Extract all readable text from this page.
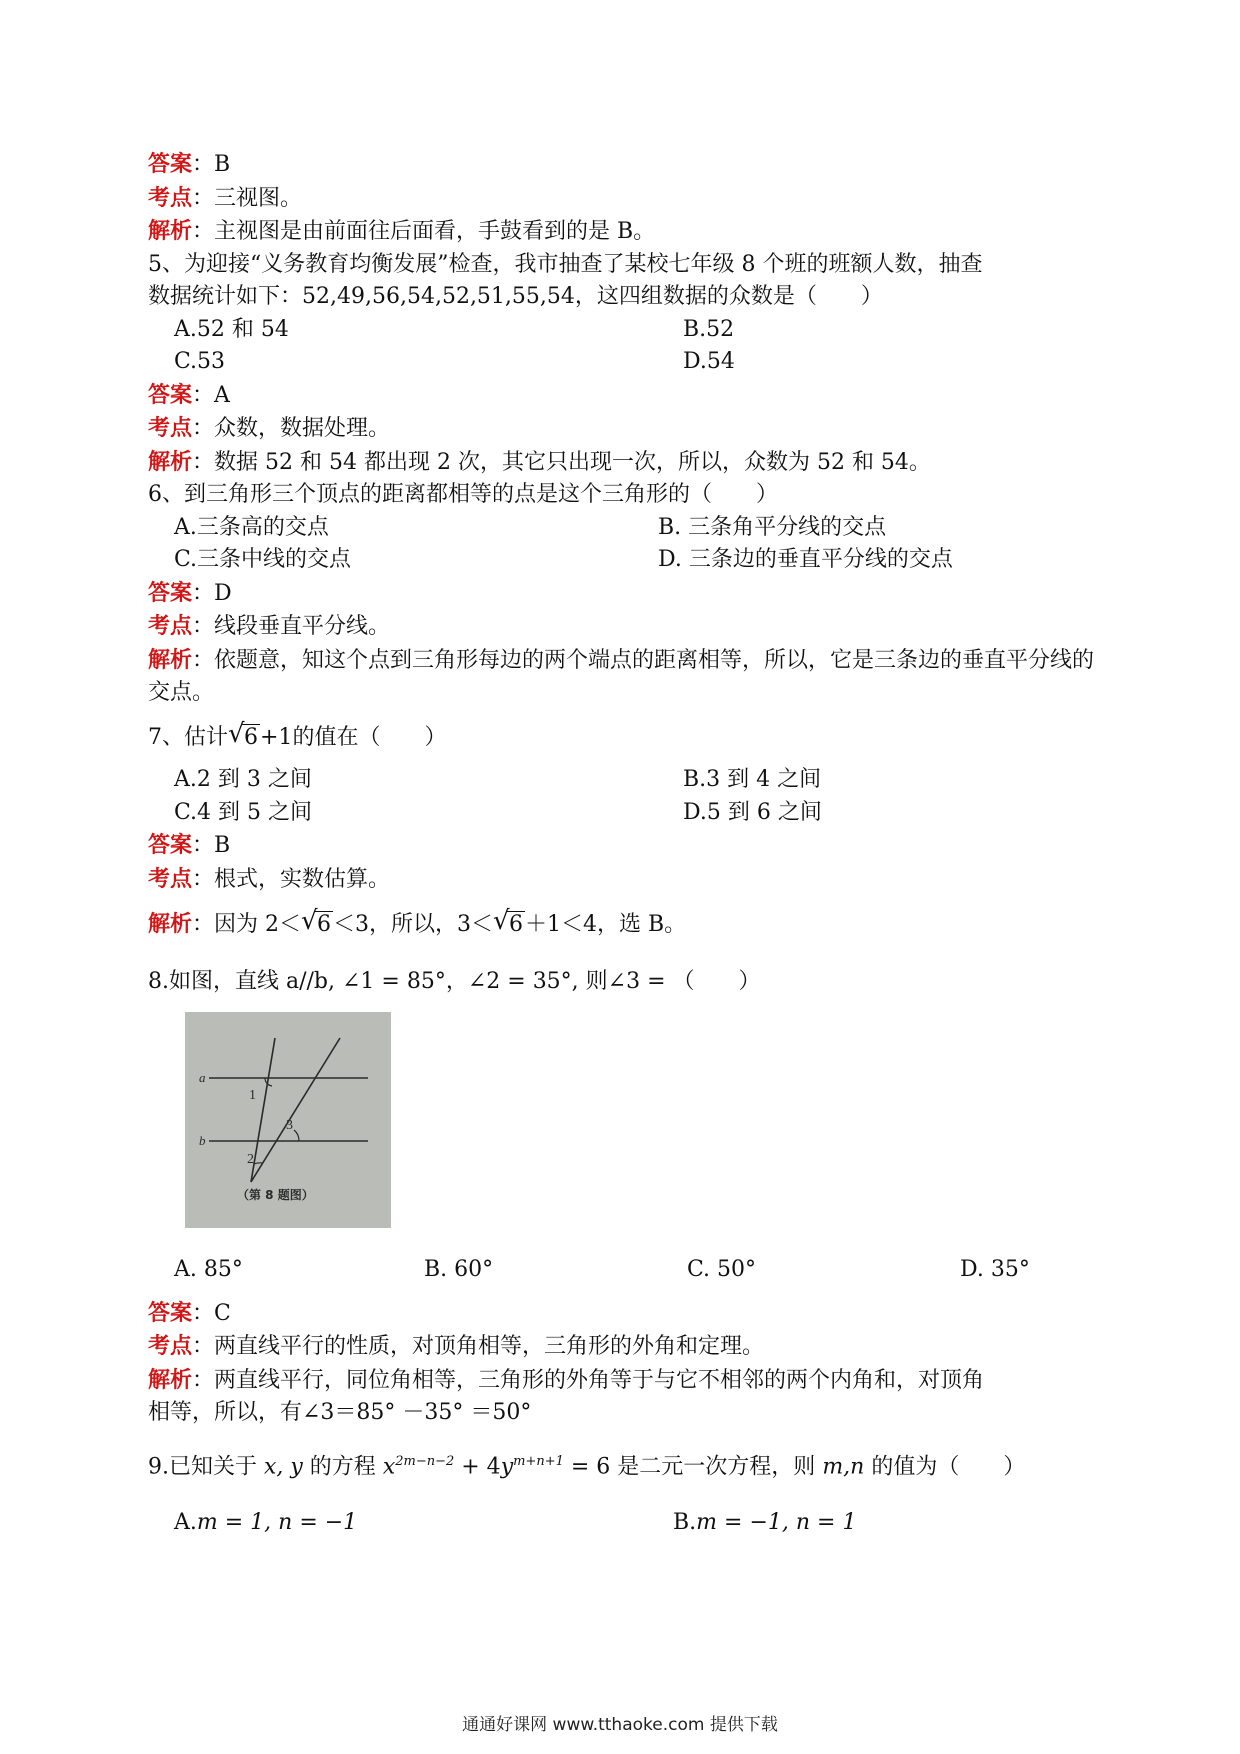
答案：B
考点：三视图。
解析：主视图是由前面往后面看，手鼓看到的是 B。
5、为迎接“义务教育均衡发展”检查，我市抽查了某校七年级 8 个班的班额人数，抽查
数据统计如下：52,49,56,54,52,51,55,54，这四组数据的众数是（　　）
A.52 和 54	B.52
C.53	D.54
答案：A
考点：众数，数据处理。
解析：数据 52 和 54 都出现 2 次，其它只出现一次，所以，众数为 52 和 54。
6、到三角形三个顶点的距离都相等的点是这个三角形的（　　）
A.三条高的交点	B. 三条角平分线的交点
C.三条中线的交点	D. 三条边的垂直平分线的交点
答案：D
考点：线段垂直平分线。
解析：依题意，知这个点到三角形每边的两个端点的距离相等，所以，它是三条边的垂直平分线的交点。
7、估计 √ 6+1的值在（　　）
A.2 到 3 之间	B.3 到 4 之间
C.4 到 5 之间	D.5 到 6 之间
答案：B
考点：根式，实数估算。
解析：因为 2＜ √ 6＜3，所以，3＜ √ 6＋1＜4，选 B。
8.如图，直线 a//b, ∠1 = 85°，∠2 = 35°, 则∠3 = （　　）
a
b
1
2
3
（第 8 题图）
A. 85°	B. 60°	C. 50°	D. 35°
答案：C
考点：两直线平行的性质，对顶角相等，三角形的外角和定理。
解析：两直线平行，同位角相等，三角形的外角等于与它不相邻的两个内角和，对顶角
相等，所以，有∠3＝85° －35° ＝50°
9.已知关于 x, y 的方程 $x^{2m-n-2} + 4y^{m+n+1} = 6$ 是二元一次方程，则 m,n 的值为（　　）
A.m = 1, n = −1	B.m = −1, n = 1
通通好课网 www.tthaoke.com 提供下载
